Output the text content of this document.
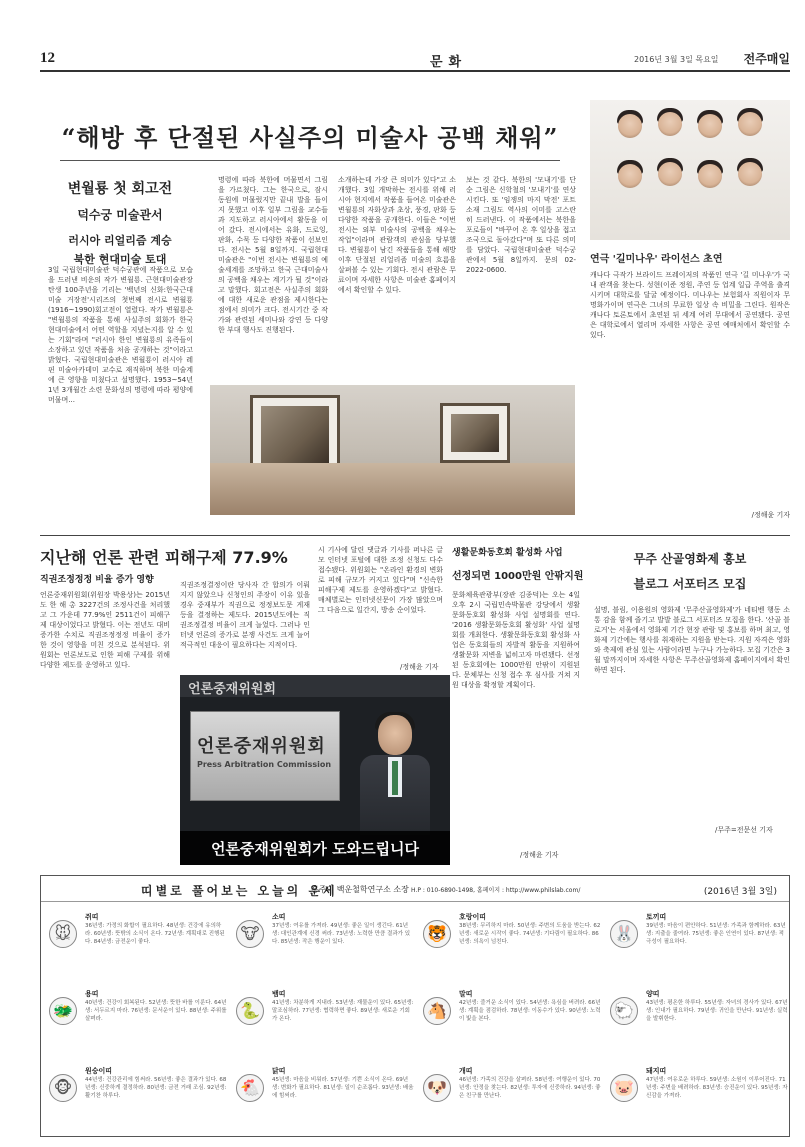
12	문화	2016년 3월 3일 목요일 전주매일
“해방 후 단절된 사실주의 미술사 공백 채워”
변월룡 첫 회고전
덕수궁 미술관서
러시아 리얼리즘 계승
북한 현대미술 토대
3일 국립현대미술관 덕수궁관에 작품으로 모습을 드러낸 비운의 작가 변월룡. 근현대미술관장 탄생 100주년을 기리는 '백년의 신화:한국근대미술 거장전'시리즈의 첫번째 전시로 변월룡(1916~1990)회고전이 열렸다. 작가 변월룡은 "변월룡의 작품을 통해 사실주의 회화가 한국 현대미술에서 어떤 역할을 지녔는지를 알 수 있는 기회"라며 "러시아 한인 변월룡의 유족들이 소장하고 있던 작품을 처음 공개하는 것"이라고 밝혔다. 국립현대미술관은 변월룡이 러시아 레핀 미술아카데미 교수로 재직하며 북한 미술계에 큰 영향을 미쳤다고 설명했다. 1953~54년 1년 3개월간 소련 문화성의 명령에 따라 평양에 머물며...
명령에 따라 북한에 머물면서 그림을 가르쳤다. 그는 한국으로, 잠시 동원에 머물렀지만 끝내 발을 들이지 못했고 이후 일부 그림을 교수들과 지도하고 러시아에서 활동을 이어 갔다. 전시에서는 유화, 드로잉, 판화, 수묵 등 다양한 작품이 선보인다. 전시는 5월 8일까지. 국립현대미술관은 "이번 전시는 변월룡의 예술세계를 조망하고 한국 근대미술사의 공백을 채우는 계기가 될 것"이라고 말했다. 회고전은 사실주의 회화에 대한 새로운 관점을 제시한다는 점에서 의미가 크다. 전시기간 중 작가와 관련된 세미나와 강연 등 다양한 부대 행사도 진행된다.
소개하는데 가장 큰 의미가 있다"고 소개했다. 3일 개막하는 전시를 위해 러시아 현지에서 작품을 들여온 미술관은 변월룡의 자화상과 초상, 풍경, 판화 등 다양한 작품을 공개한다. 이들은 "이번전시는 외부 미술사의 공백을 채우는 작업"이라며 관람객의 관심을 당부했다. 변월룡이 남긴 작품들을 통해 해방 이후 단절된 리얼리즘 미술의 흐름을 살펴볼 수 있는 기회다. 전시 관람은 무료이며 자세한 사항은 미술관 홈페이지에서 확인할 수 있다.
보는 것 같다. 북한의 '모내기'를 단순 그림은 신학철의 '모내기'를 연상시킨다. 또 '임쟁의 마지 막전' 포트 소재 그림도 역사의 이미를 고스란히 드러낸다. 이 작품에서는 북한을 포로들이 "바꾸어 온 후 일상을 접고 조국으로 돌아갔다"며 또 다른 의미를 담았다. 국립현대미술관 덕수궁관에서 5월 8일까지. 문의 02-2022-0600.
연극 '길미나우' 라이선스 초연
캐나다 극작가 브라이드 프레이저의 작품인 연극 '길 미나우'가 국내 관객을 찾는다. 성현(이준 정원, 주연 등 업계 일급 주역을 출격시키며 대학로를 달굴 예정이다. 미나우는 보험회사 직원이자 무명화가이며 연극은 그녀의 무료한 일상 속 비밀을 그린다. 원작은 캐나다 토론토에서 초연된 뒤 세계 여러 무대에서 공연됐다. 공연은 대학로에서 열리며 자세한 사항은 공연 예매처에서 확인할 수 있다.
/정해윤 기자
지난해 언론 관련 피해구제 77.9%
직권조정정정 비율 증가 영향
언론중재위원회(위원장 박용상)는 2015년도 한 해 총 3227건의 조정사건을 처리했고 그 가운데 77.9%인 2511건이 피해구제 대상이었다고 밝혔다. 이는 전년도 대비 증가한 수치로 직권조정정정 비율이 증가한 것이 영향을 미친 것으로 분석된다. 위원회는 언론보도로 인한 피해 구제를 위해 다양한 제도를 운영하고 있다.
직권조정결정이란 당사자 간 합의가 이뤄지지 않았으나 신청인의 주장이 이유 있을 경우 중재부가 직권으로 정정보도문 게재 등을 결정하는 제도다. 2015년도에는 직권조정결정 비율이 크게 늘었다. 그러나 인터넷 언론의 증가로 분쟁 사건도 크게 늘어 적극적인 대응이 필요하다는 지적이다.
시 기사에 달린 댓글과 기사를 퍼나른 글 모 인터넷 포털에 대한 조정 신청도 다수 접수됐다. 위원회는 "온라인 환경의 변화로 피해 규모가 커지고 있다"며 "신속한 피해구제 제도를 운영하겠다"고 밝혔다. 매체별로는 인터넷신문이 가장 많았으며 그 다음으로 일간지, 방송 순이었다.
/정해윤 기자
언론중재위원회
언론중재위원회
Press Arbitration Commission
언론중재위원회가 도와드립니다
생활문화동호회 활성화 사업
선정되면 1000만원 안팎지원
문화체육관광부(장관 김종덕)는 오는 4일 오후 2시 국립민속박물관 강당에서 생활문화동호회 활성화 사업 설명회를 연다. '2016 생활문화동호회 활성화' 사업 설명회를 개최한다. 생활문화동호회 활성화 사업은 동호회들의 자발적 활동을 지원하여 생활문화 저변을 넓히고자 마련됐다. 선정된 동호회에는 1000만원 안팎이 지원된다. 문체부는 신청 접수 후 심사를 거쳐 지원 대상을 확정할 계획이다.
/정해윤 기자
무주 산골영화제 홍보
블로그 서포터즈 모집
설명, 블림, 이용원의 영화제 '무주산골영화제'가 네티벤 행동 소통 감을 함께 즐기고 발발 블로그 서포터즈 모집을 한다. '산골 블로거'는 서울에서 영화제 기간 현장 관람 및 홍보를 하며 최고, 영화제 기간에는 행사를 취재하는 지원을 받는다. 지원 자격은 영화와 축제에 관심 있는 사람이라면 누구나 가능하다. 모집 기간은 3월 말까지이며 자세한 사항은 무주산골영화제 홈페이지에서 확인하면 된다.
/무주=전문선 기자
띠별로 풀어보는 오늘의 운세
홍주미 백운철학연구소 소장 H.P : 010-6890-1498, 홈페이지 : http://www.philslab.com/	(2016년 3월 3일)
🐭
쥐띠
36년생: 가정의 화합이 필요하다. 48년생: 건강에 유의하라. 60년생: 뜻밖의 소식이 온다. 72년생: 계획대로 진행된다. 84년생: 금전운이 좋다.	🐮
소띠
37년생: 여유를 가져라. 49년생: 좋은 일이 생긴다. 61년생: 대인관계에 신경 써라. 73년생: 노력한 만큼 결과가 있다. 85년생: 작은 행운이 있다.	🐯
호랑이띠
38년생: 무리하지 마라. 50년생: 주변의 도움을 받는다. 62년생: 새로운 시작이 좋다. 74년생: 기다림이 필요하다. 86년생: 의욕이 넘친다.	🐰
토끼띠
39년생: 마음이 편안하다. 51년생: 가족과 함께하라. 63년생: 지출을 줄여라. 75년생: 좋은 인연이 있다. 87년생: 적극성이 필요하다.
🐲
용띠
40년생: 건강이 회복된다. 52년생: 뜻한 바를 이룬다. 64년생: 서두르지 마라. 76년생: 문서운이 있다. 88년생: 주위를 살펴라.	🐍
뱀띠
41년생: 차분하게 지내라. 53년생: 재물운이 있다. 65년생: 말조심하라. 77년생: 협력하면 좋다. 89년생: 새로운 기회가 온다.	🐴
말띠
42년생: 즐거운 소식이 있다. 54년생: 욕심을 버려라. 66년생: 계획을 점검하라. 78년생: 이동수가 있다. 90년생: 노력이 빛을 본다.	🐑
양띠
43년생: 평온한 하루다. 55년생: 자녀의 경사가 있다. 67년생: 인내가 필요하다. 79년생: 귀인을 만난다. 91년생: 실력을 발휘한다.
🐵
원숭이띠
44년생: 건강관리에 힘써라. 56년생: 좋은 결과가 있다. 68년생: 신중하게 결정하라. 80년생: 금전 거래 조심. 92년생: 활기찬 하루다.	🐔
닭띠
45년생: 마음을 비워라. 57년생: 기쁜 소식이 온다. 69년생: 변화가 필요하다. 81년생: 일이 순조롭다. 93년생: 배움에 힘써라.	🐶
개띠
46년생: 가족의 건강을 살펴라. 58년생: 여행운이 있다. 70년생: 안정을 찾는다. 82년생: 투자에 신중하라. 94년생: 좋은 친구를 만난다.	🐷
돼지띠
47년생: 여유로운 하루다. 59년생: 소원이 이루어진다. 71년생: 주변을 배려하라. 83년생: 승진운이 있다. 95년생: 자신감을 가져라.
